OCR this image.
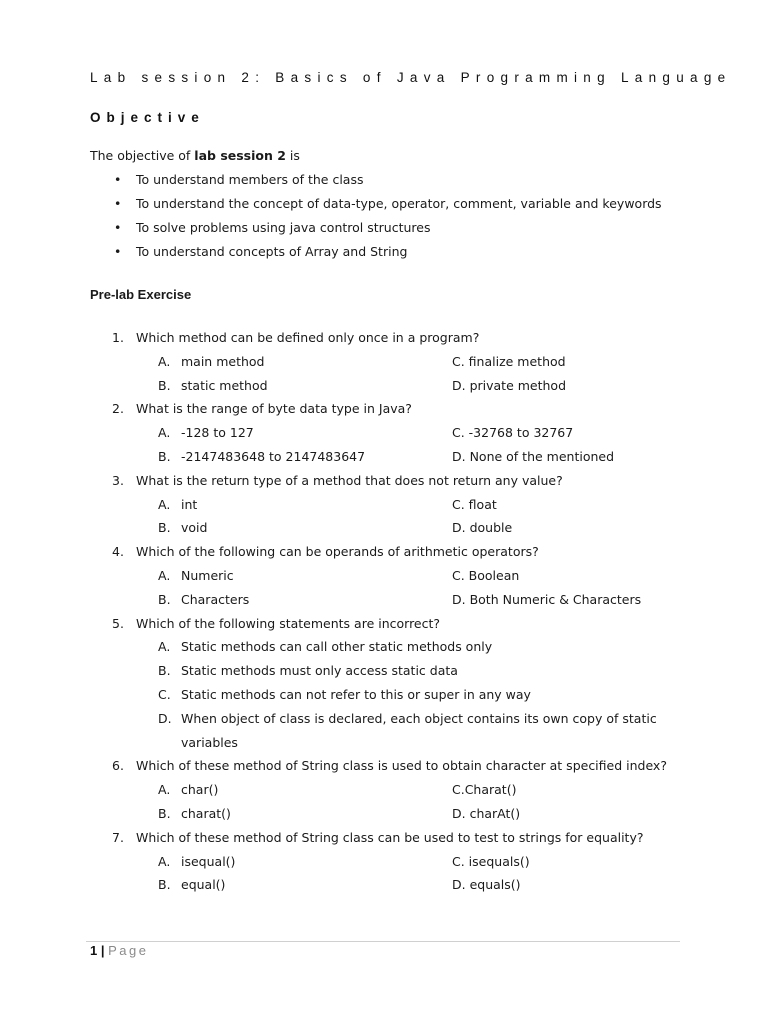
Lab session 2: Basics of Java Programming Language
Objective

The objective of lab session 2 is

• To understand members of the class
• To understand the concept of data-type, operator, comment, variable and keywords
• To solve problems using java control structures
• To understand concepts of Array and String
Pre-lab Exercise
1. Which method can be defined only once in a program?
A. main method	C. finalize method
B. static method	D. private method
2. What is the range of byte data type in Java?
A. -128 to 127	C. -32768 to 32767
B. -2147483648 to 2147483647	D. None of the mentioned
3. What is the return type of a method that does not return any value?
A. int	C. float
B. void	D. double
4. Which of the following can be operands of arithmetic operators?
A. Numeric	C. Boolean
B. Characters	D. Both Numeric & Characters
5. Which of the following statements are incorrect?
A. Static methods can call other static methods only
B. Static methods must only access static data
C. Static methods can not refer to this or super in any way
D. When object of class is declared, each object contains its own copy of static
variables
6. Which of these method of String class is used to obtain character at specified index?
A. char()	C.Charat()
B. charat()	D. charAt()
7. Which of these method of String class can be used to test to strings for equality?
A. isequal()	C. isequals()
B. equal()	D. equals()
1 | Page
